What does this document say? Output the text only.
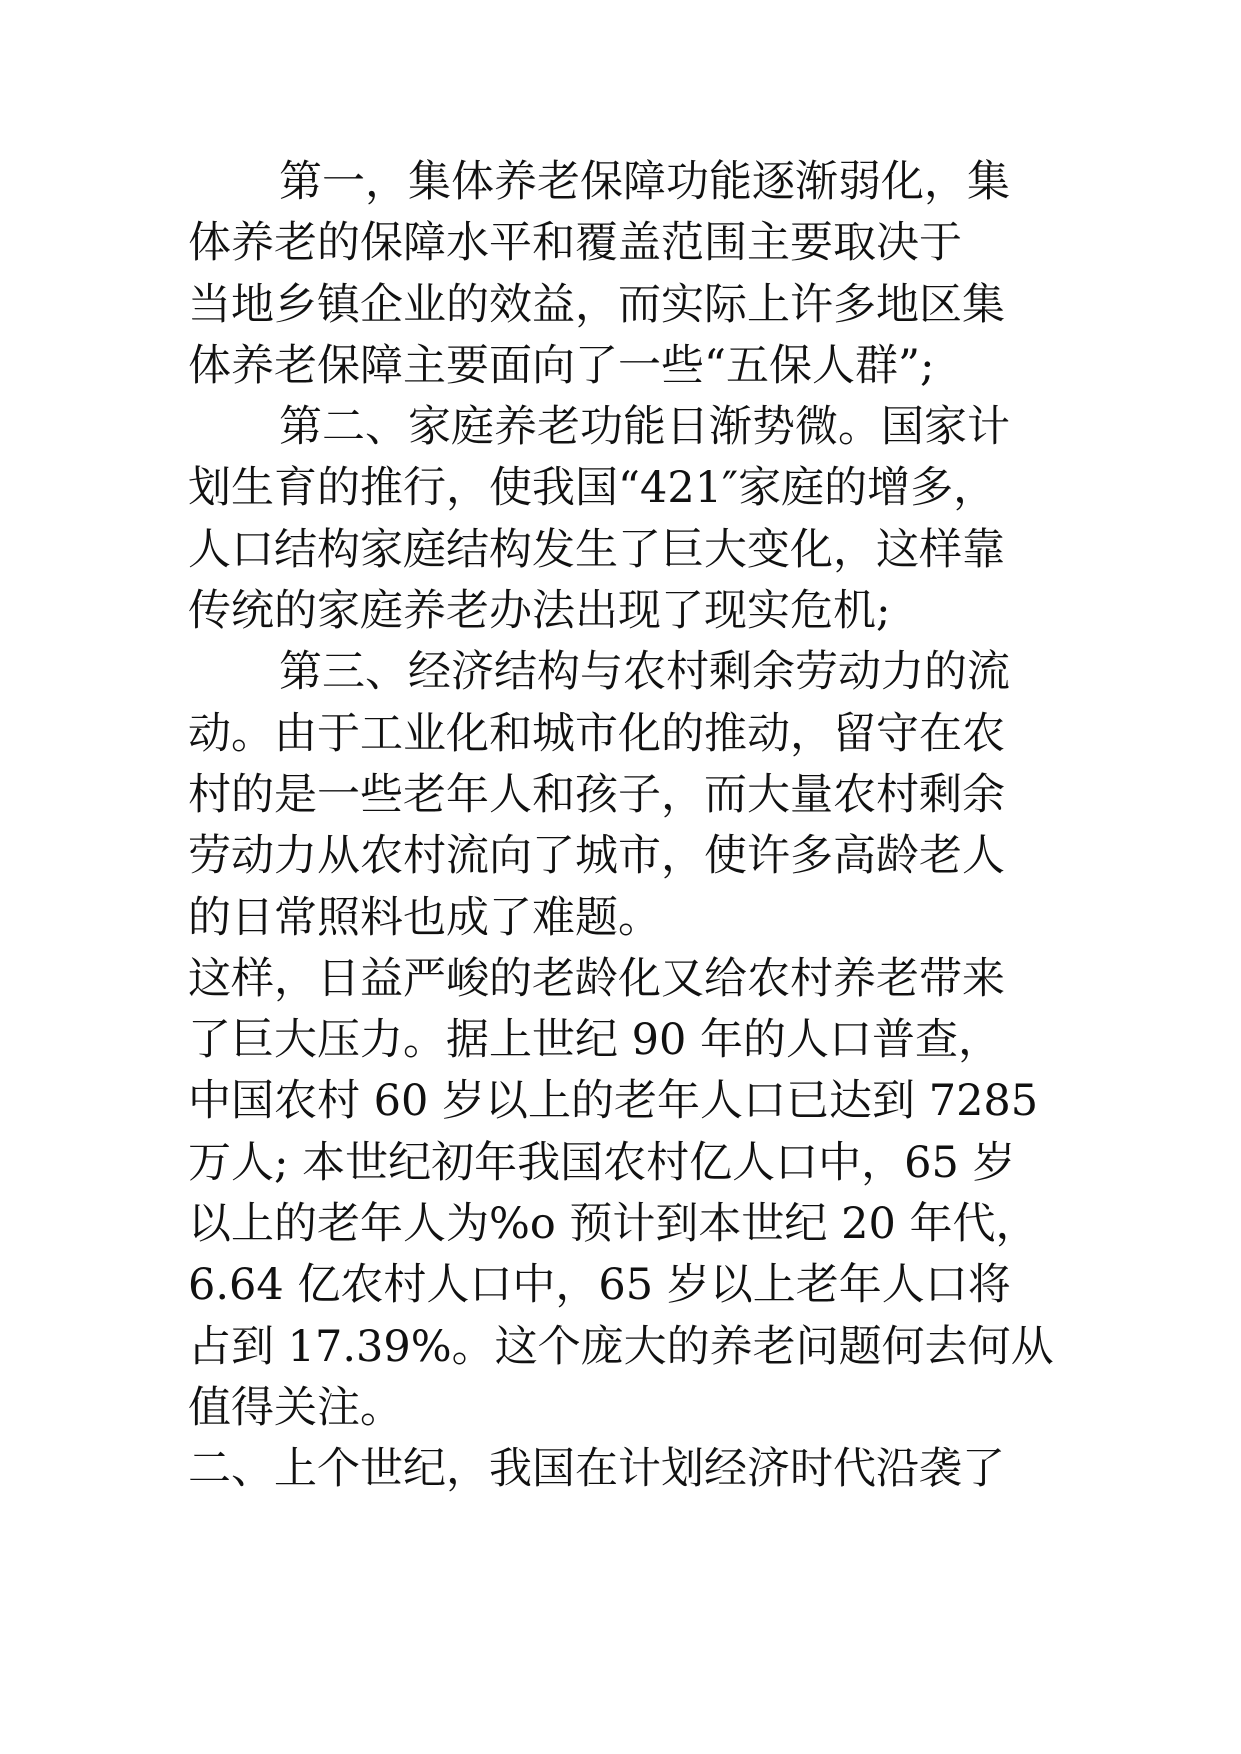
第一，集体养老保障功能逐渐弱化，集
体养老的保障水平和覆盖范围主要取决于
当地乡镇企业的效益，而实际上许多地区集
体养老保障主要面向了一些“五保人群”;
第二、家庭养老功能日渐势微。国家计
划生育的推行，使我国“421″家庭的增多，
人口结构家庭结构发生了巨大变化，这样靠
传统的家庭养老办法出现了现实危机;
第三、经济结构与农村剩余劳动力的流
动。由于工业化和城市化的推动，留守在农
村的是一些老年人和孩子，而大量农村剩余
劳动力从农村流向了城市，使许多高龄老人
的日常照料也成了难题。
这样，日益严峻的老龄化又给农村养老带来
了巨大压力。据上世纪 90 年的人口普查，
中国农村 60 岁以上的老年人口已达到 7285
万人; 本世纪初年我国农村亿人口中，65 岁
以上的老年人为%o 预计到本世纪 20 年代，
6.64 亿农村人口中，65 岁以上老年人口将
占到 17.39%。这个庞大的养老问题何去何从
值得关注。
二、上个世纪，我国在计划经济时代沿袭了
